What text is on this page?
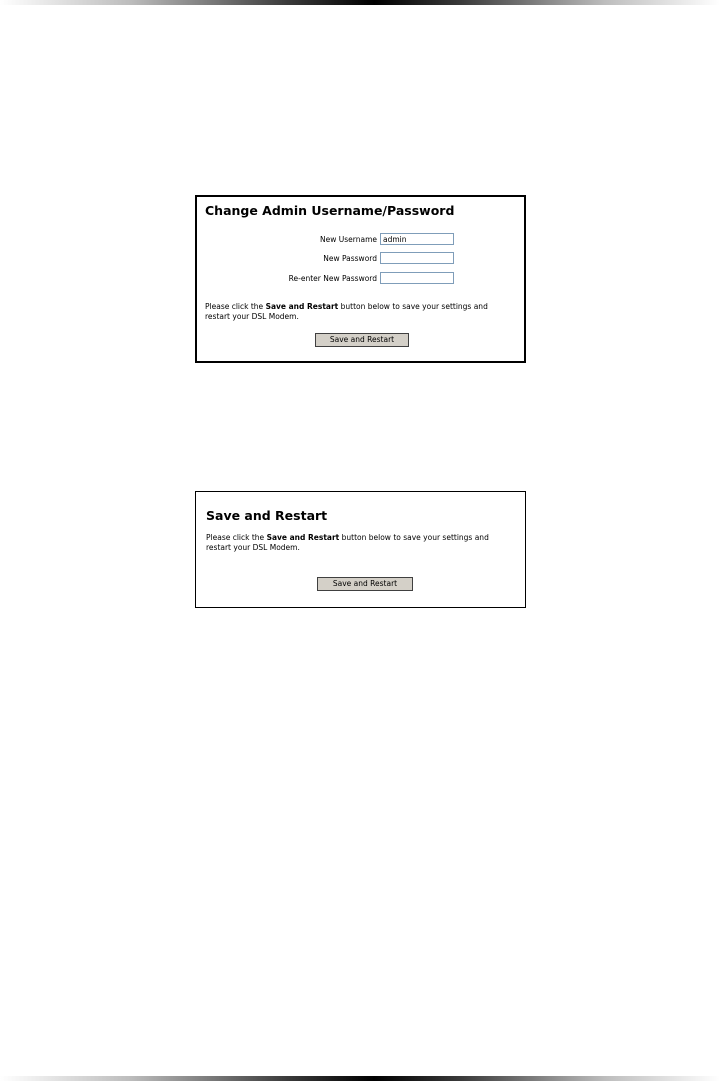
Change Admin Username/Password
New Username
admin
New Password
Re-enter New Password
Please click the Save and Restart button below to save your settings and
restart your DSL Modem.
Save and Restart
Save and Restart
Please click the Save and Restart button below to save your settings and
restart your DSL Modem.
Save and Restart
